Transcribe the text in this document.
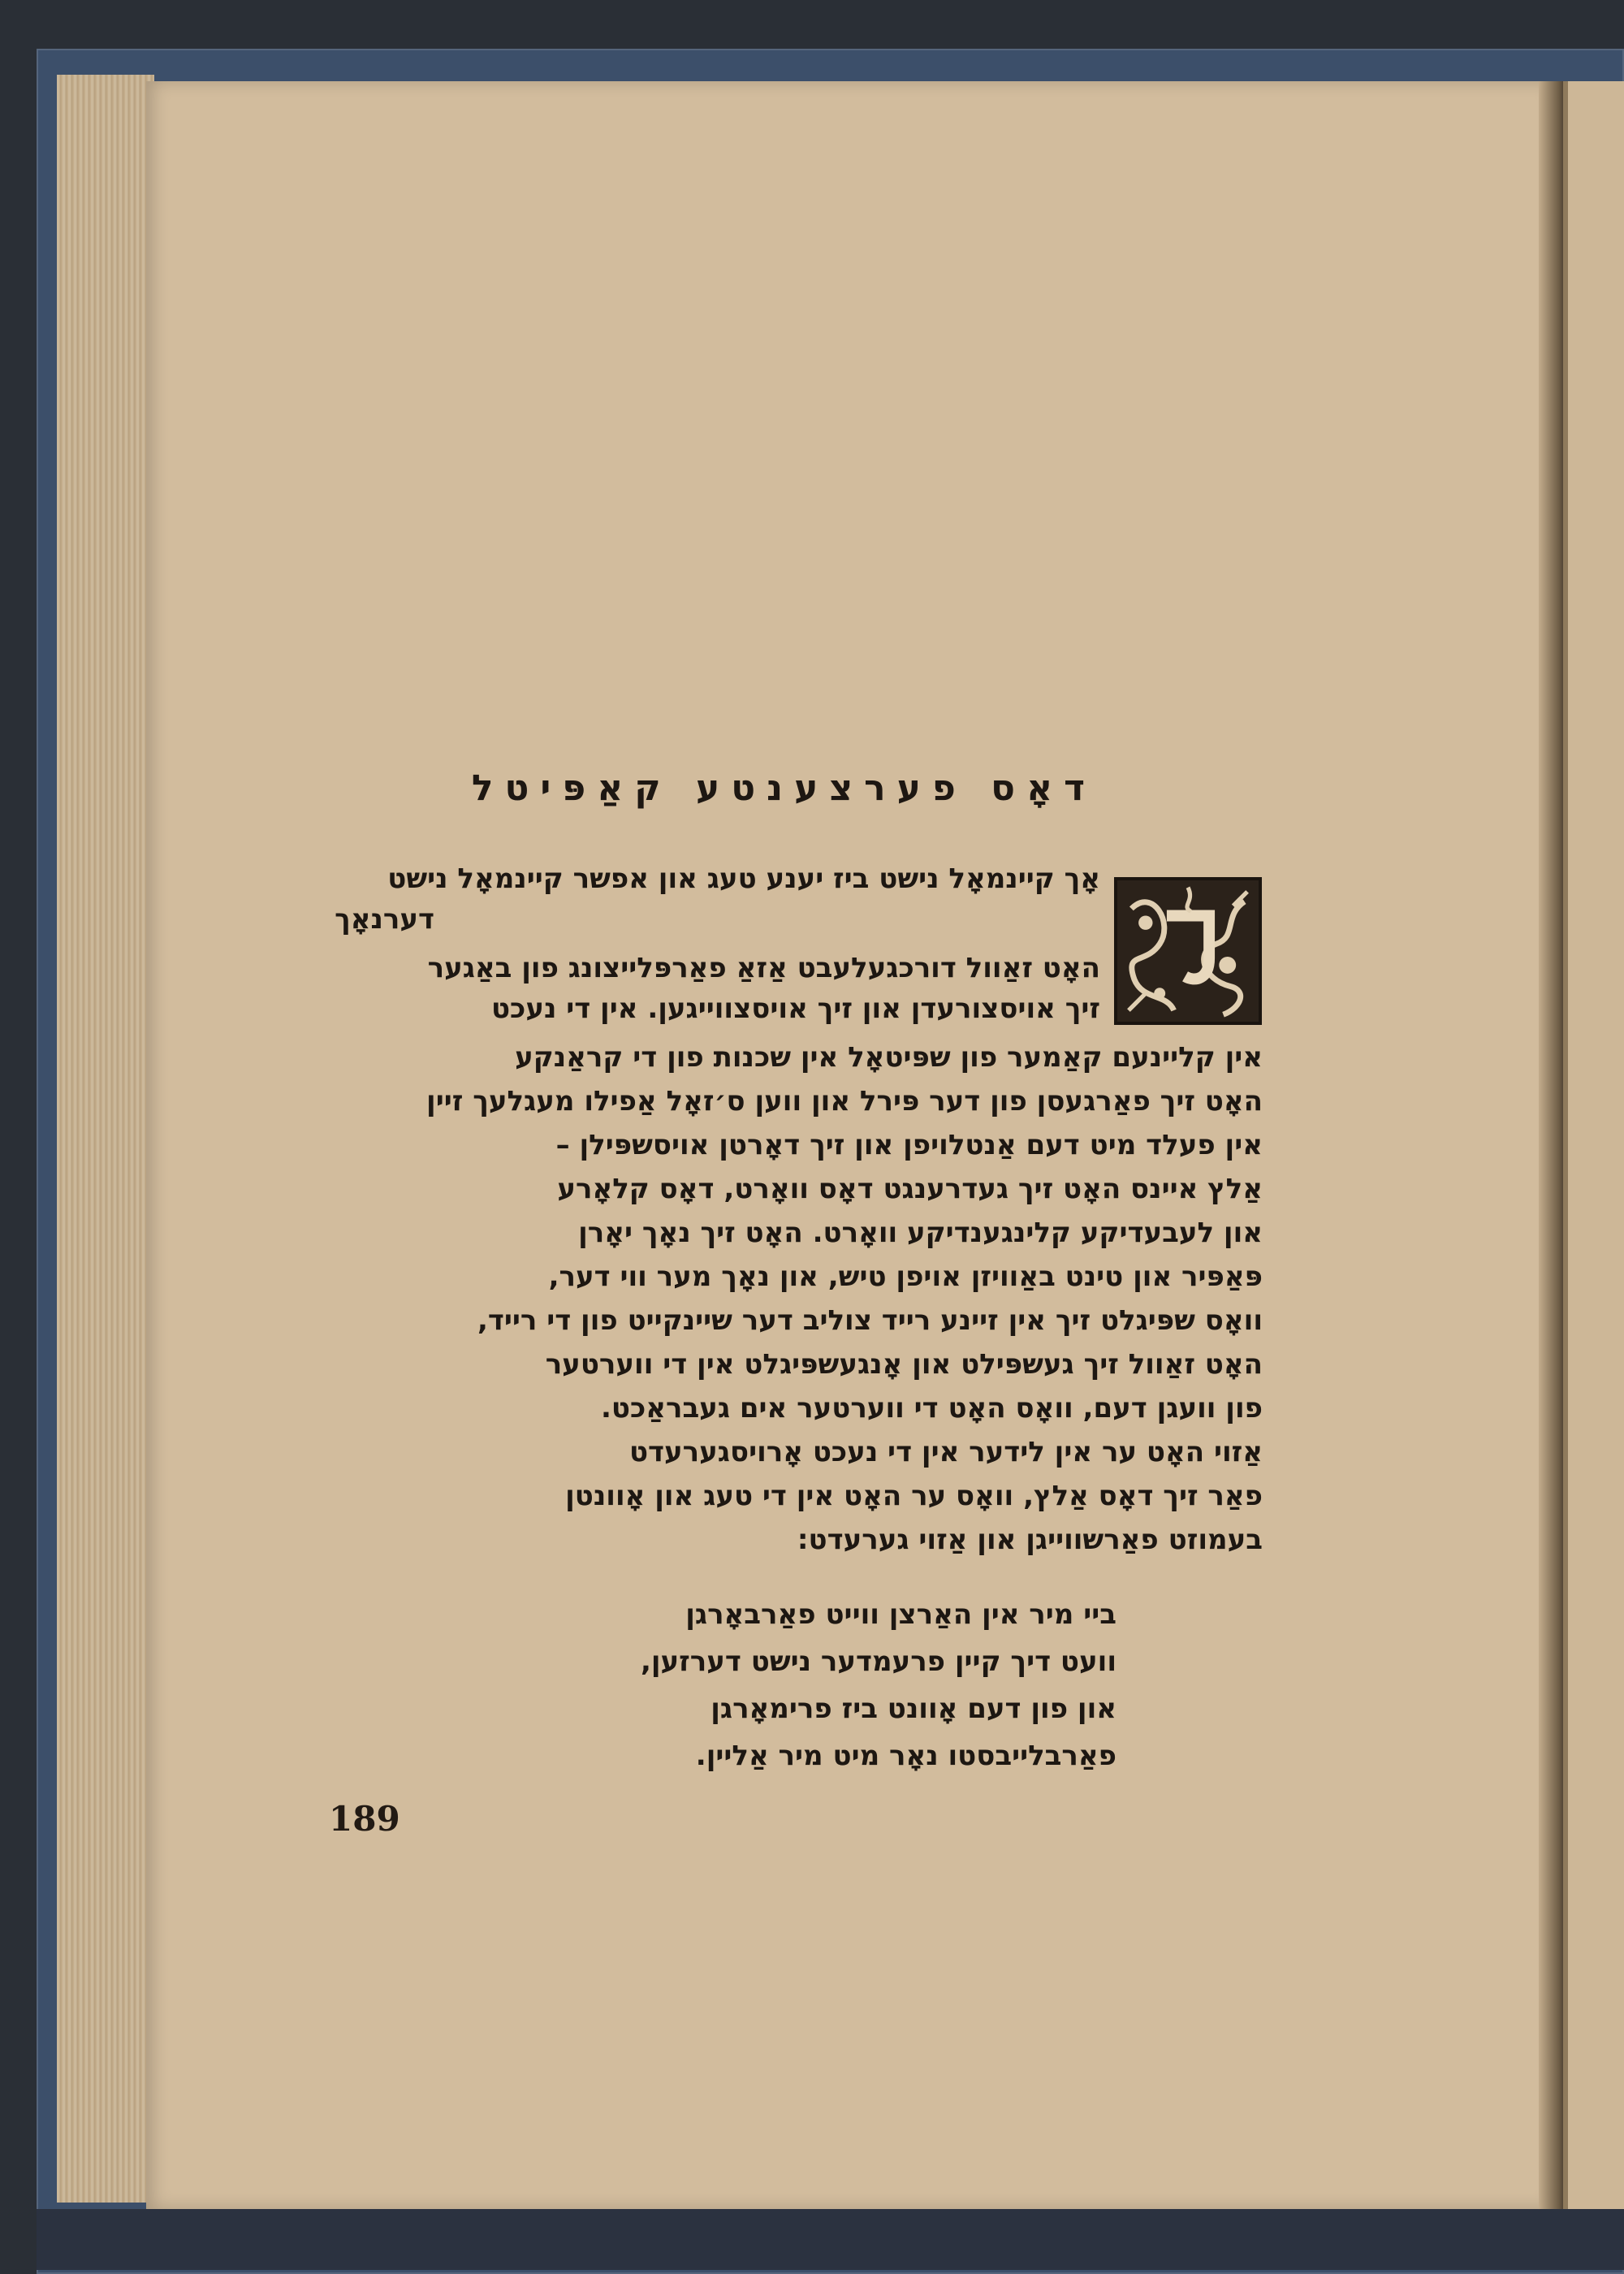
דאָס פערצענטע קאַפּיטל
אָך קיינמאָל נישט ביז יענע טעג און אפשר קיינמאָל נישט
דערנאָך
האָט זאַוול דורכגעלעבט אַזאַ פאַרפּלייצונג פון באַגער
זיך אויסצורעדן און זיך אויסצווייגען. אין די נעכט
אין קליינעם קאַמער פון שפּיטאָל אין שכנות פון די קראַנקע
האָט זיך פאַרגעסן פון דער פּירל און ווען ס׳זאָל אַפילו מעגלעך זיין
אין פעלד מיט דעם אַנטלויפן און זיך דאָרטן אויסשפּילן –
אַלץ איינס האָט זיך געדרענגט דאָס וואָרט, דאָס קלאָרע
און לעבעדיקע קלינגענדיקע וואָרט. האָט זיך נאָך יאָרן
פּאַפּיר און טינט באַוויזן אויפן טיש, און נאָך מער ווי דער,
וואָס שפּיגלט זיך אין זיינע רייד צוליב דער שיינקייט פון די רייד,
האָט זאַוול זיך געשפּילט און אָנגעשפּיגלט אין די ווערטער
פון וועגן דעם, וואָס האָט די ווערטער אים געבראַכט.
אַזוי האָט ער אין לידער אין די נעכט אָרויסגערעדט
פאַר זיך דאָס אַלץ, וואָס ער האָט אין די טעג און אָוונטן
בעמוזט פאַרשווייגן און אַזוי גערעדט:
ביי מיר אין האַרצן ווייט פאַרבאָרגן
וועט דיך קיין פרעמדער נישט דערזען,
און פון דעם אָוונט ביז פרימאָרגן
פאַרבלייבסטו נאָר מיט מיר אַליין.
189
